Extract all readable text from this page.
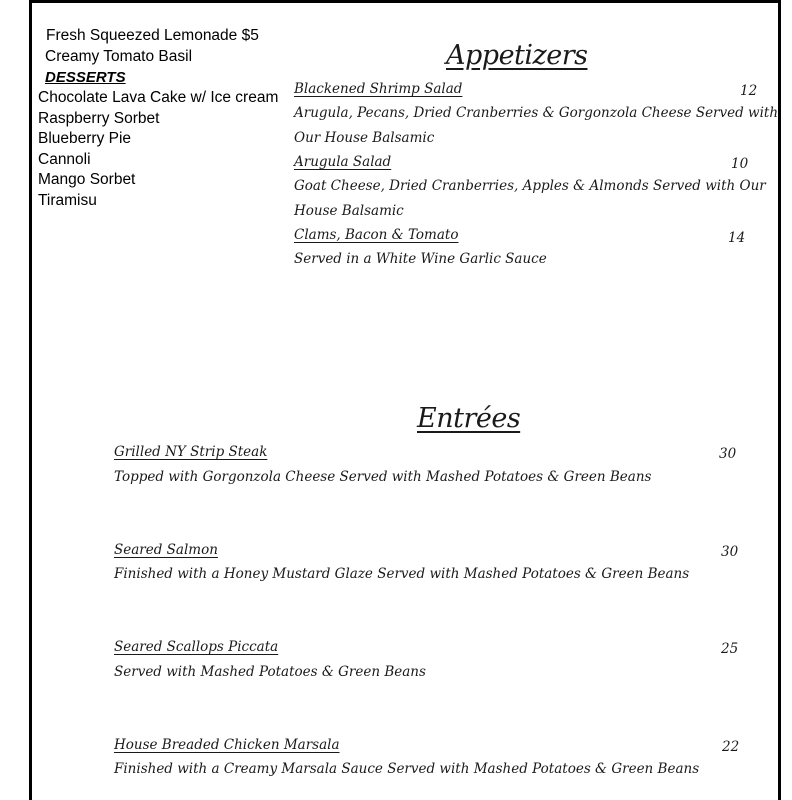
Fresh Squeezed Lemonade $5
Creamy Tomato Basil
DESSERTS
Chocolate Lava Cake w/ Ice cream
Raspberry Sorbet
Blueberry Pie
Cannoli
Mango Sorbet
Tiramisu
Appetizers
Blackened Shrimp Salad	12
Arugula, Pecans, Dried Cranberries & Gorgonzola Cheese Served with
Our House Balsamic
Arugula Salad	10
Goat Cheese, Dried Cranberries, Apples & Almonds Served with Our
House Balsamic
Clams, Bacon & Tomato	14
Served in a White Wine Garlic Sauce
Entrées
Grilled NY Strip Steak	30
Topped with Gorgonzola Cheese Served with Mashed Potatoes & Green Beans
Seared Salmon	30
Finished with a Honey Mustard Glaze Served with Mashed Potatoes & Green Beans
Seared Scallops Piccata	25
Served with Mashed Potatoes & Green Beans
House Breaded Chicken Marsala	22
Finished with a Creamy Marsala Sauce Served with Mashed Potatoes & Green Beans
